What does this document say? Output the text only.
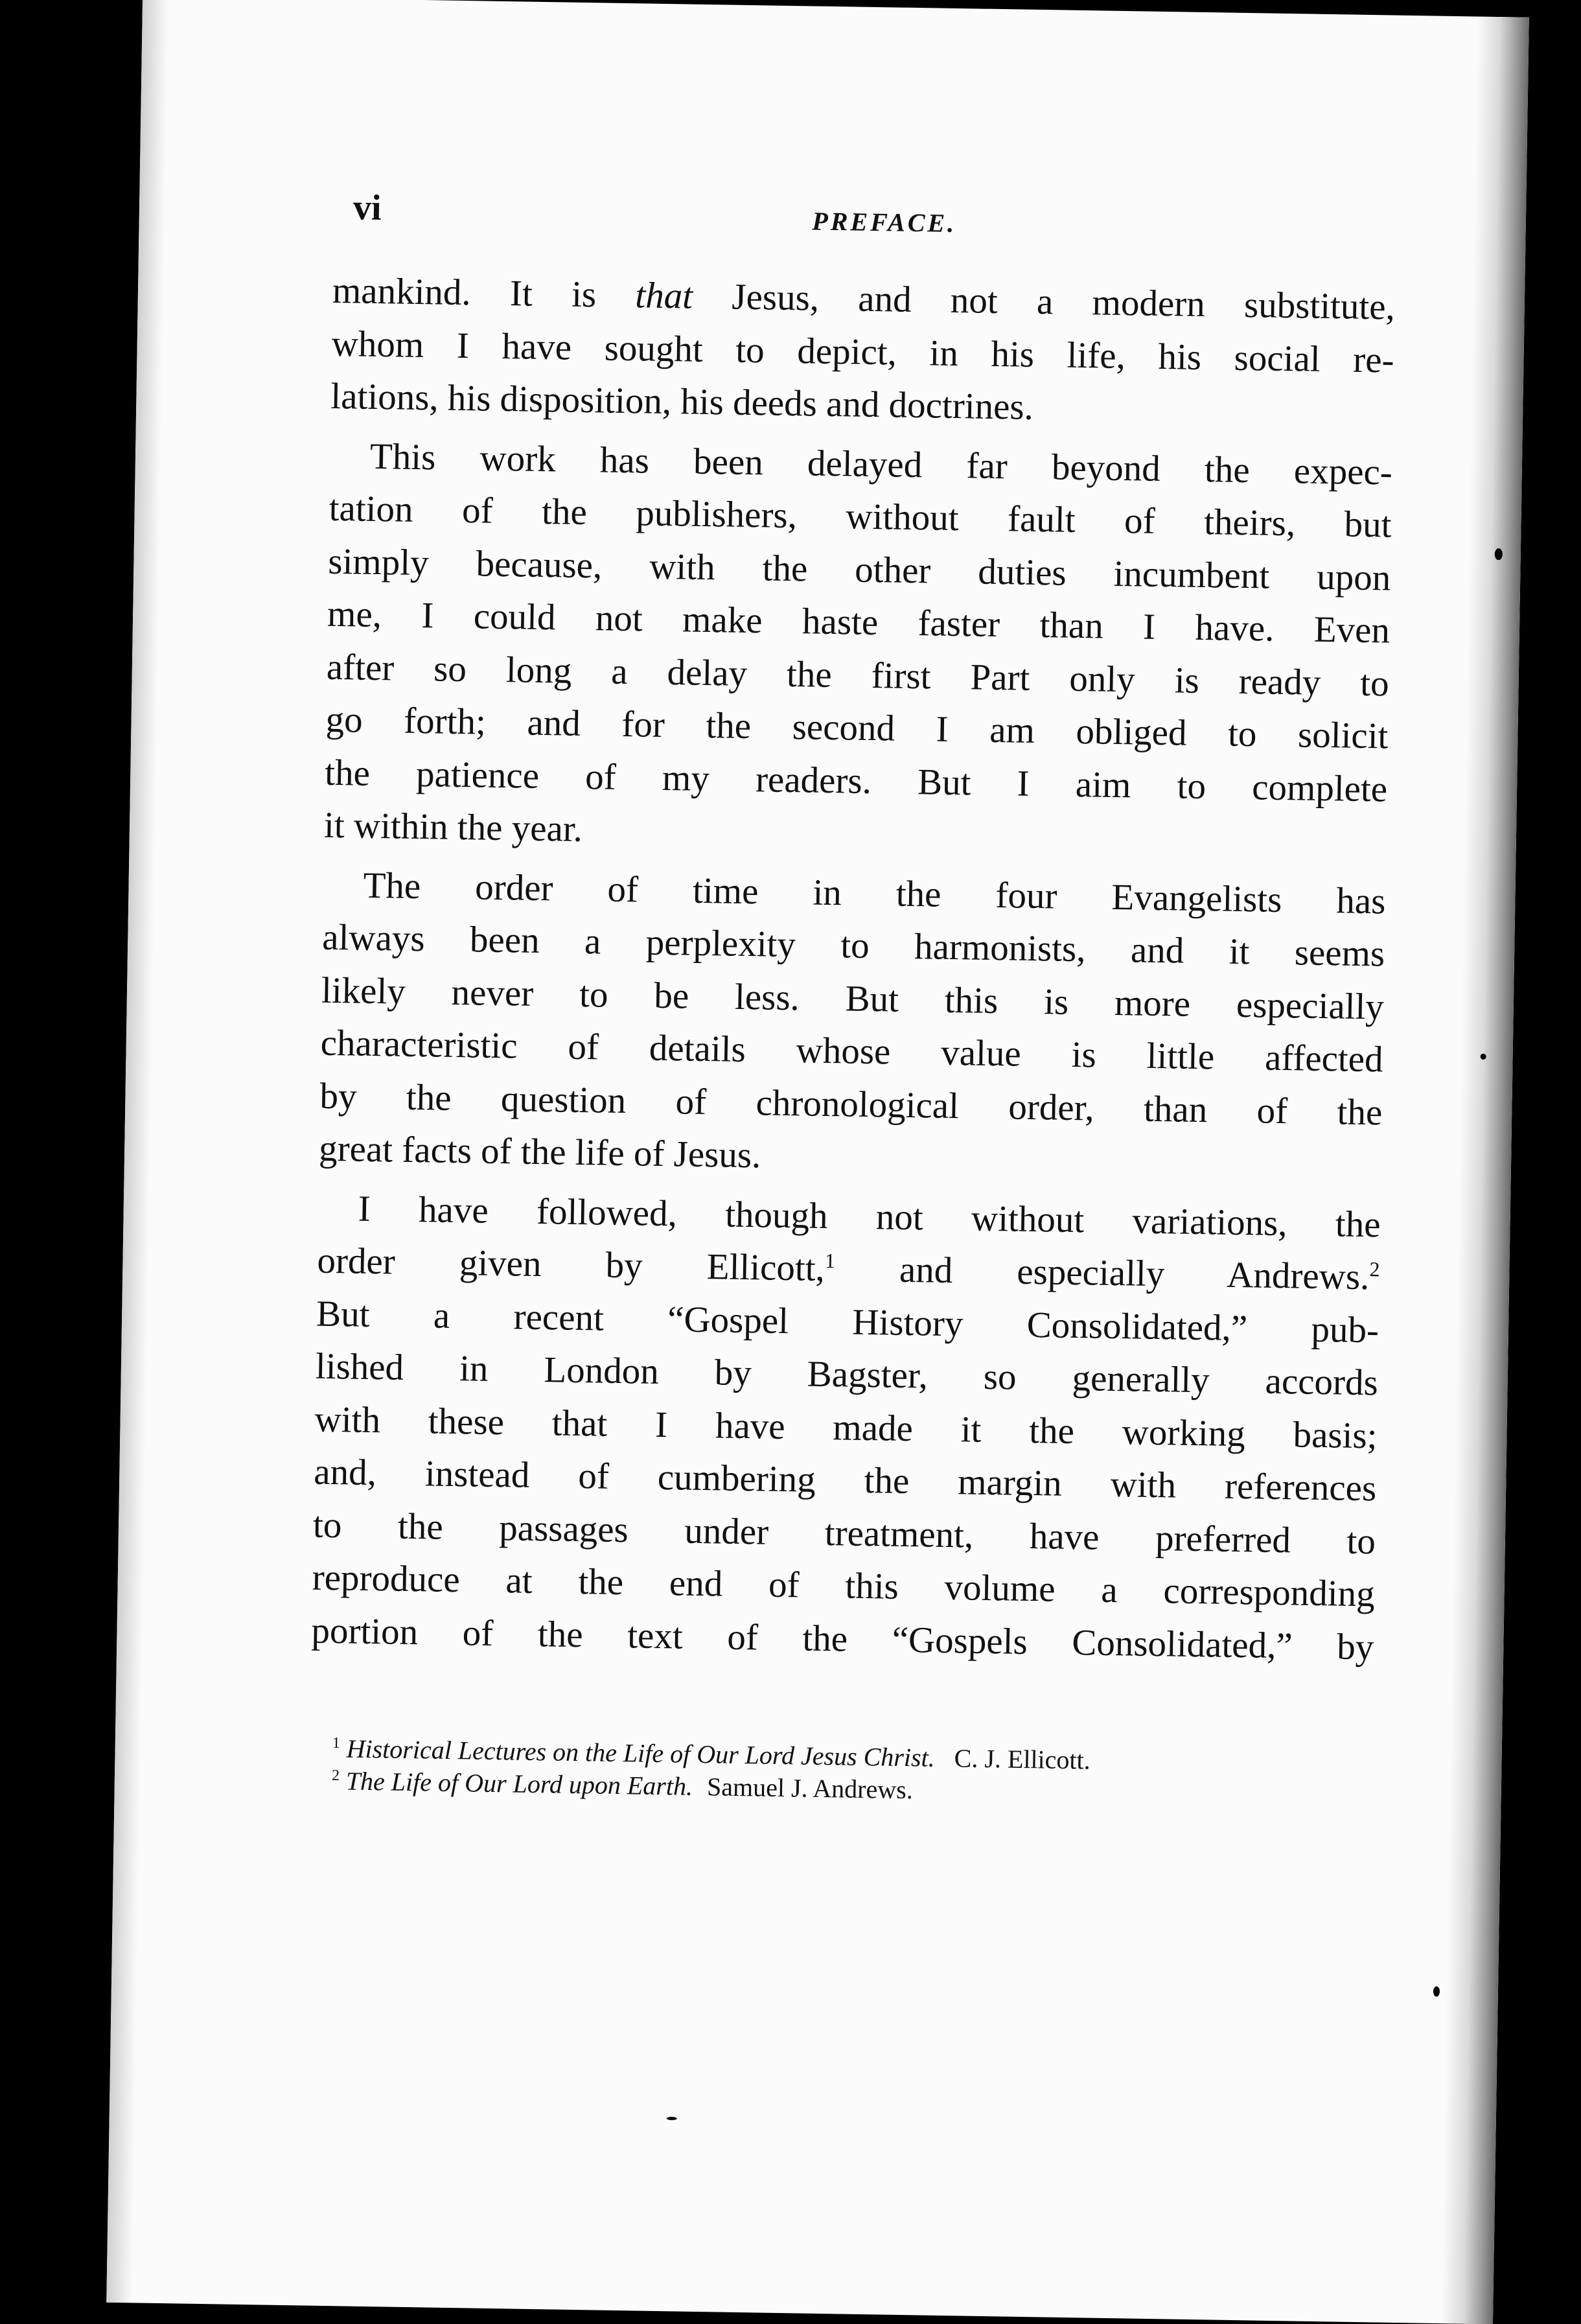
vi	PREFACE.
mankind. It is that Jesus, and not a modern substitute,
whom I have sought to depict, in his life, his social re-
lations, his disposition, his deeds and doctrines.
This work has been delayed far beyond the expec-
tation of the publishers, without fault of theirs, but
simply because, with the other duties incumbent upon
me, I could not make haste faster than I have. Even
after so long a delay the first Part only is ready to
go forth; and for the second I am obliged to solicit
the patience of my readers. But I aim to complete
it within the year.
The order of time in the four Evangelists has
always been a perplexity to harmonists, and it seems
likely never to be less. But this is more especially
characteristic of details whose value is little affected
by the question of chronological order, than of the
great facts of the life of Jesus.
I have followed, though not without variations, the
order given by Ellicott,$^1$ and especially Andrews.$^2$
But a recent “Gospel History Consolidated,” pub-
lished in London by Bagster, so generally accords
with these that I have made it the working basis;
and, instead of cumbering the margin with references
to the passages under treatment, have preferred to
reproduce at the end of this volume a corresponding
portion of the text of the “Gospels Consolidated,” by
$^1$ Historical Lectures on the Life of Our Lord Jesus Christ. C. J. Ellicott.
$^2$ The Life of Our Lord upon Earth. Samuel J. Andrews.
